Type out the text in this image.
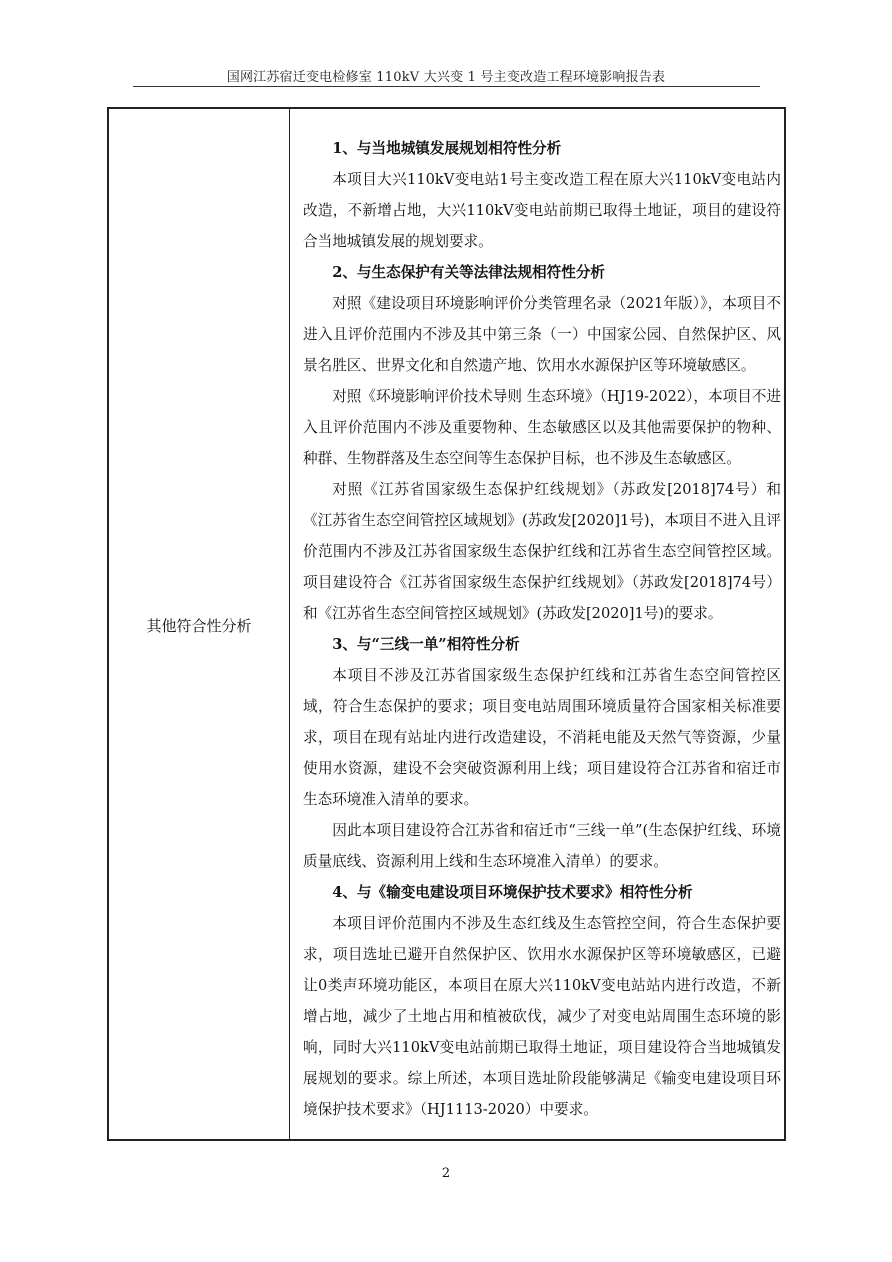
国网江苏宿迁变电检修室 110kV 大兴变 1 号主变改造工程环境影响报告表
其他符合性分析

1、与当地城镇发展规划相符性分析

本项目大兴110kV变电站1号主变改造工程在原大兴110kV变电站内改造，不新增占地，大兴110kV变电站前期已取得土地证，项目的建设符合当地城镇发展的规划要求。

2、与生态保护有关等法律法规相符性分析

对照《建设项目环境影响评价分类管理名录（2021年版）》，本项目不进入且评价范围内不涉及其中第三条（一）中国家公园、自然保护区、风景名胜区、世界文化和自然遗产地、饮用水水源保护区等环境敏感区。

对照《环境影响评价技术导则 生态环境》（HJ19-2022），本项目不进入且评价范围内不涉及重要物种、生态敏感区以及其他需要保护的物种、种群、生物群落及生态空间等生态保护目标，也不涉及生态敏感区。

对照《江苏省国家级生态保护红线规划》（苏政发[2018]74号）和《江苏省生态空间管控区域规划》(苏政发[2020]1号)，本项目不进入且评价范围内不涉及江苏省国家级生态保护红线和江苏省生态空间管控区域。项目建设符合《江苏省国家级生态保护红线规划》（苏政发[2018]74号）和《江苏省生态空间管控区域规划》(苏政发[2020]1号)的要求。

3、与“三线一单”相符性分析

本项目不涉及江苏省国家级生态保护红线和江苏省生态空间管控区域，符合生态保护的要求；项目变电站周围环境质量符合国家相关标准要求，项目在现有站址内进行改造建设，不消耗电能及天然气等资源，少量使用水资源，建设不会突破资源利用上线；项目建设符合江苏省和宿迁市生态环境准入清单的要求。

因此本项目建设符合江苏省和宿迁市“三线一单”(生态保护红线、环境质量底线、资源利用上线和生态环境准入清单）的要求。

4、与《输变电建设项目环境保护技术要求》相符性分析

本项目评价范围内不涉及生态红线及生态管控空间，符合生态保护要求，项目选址已避开自然保护区、饮用水水源保护区等环境敏感区，已避让0类声环境功能区，本项目在原大兴110kV变电站站内进行改造，不新增占地，减少了土地占用和植被砍伐，减少了对变电站周围生态环境的影响，同时大兴110kV变电站前期已取得土地证，项目建设符合当地城镇发展规划的要求。综上所述，本项目选址阶段能够满足《输变电建设项目环境保护技术要求》（HJ1113-2020）中要求。

2
